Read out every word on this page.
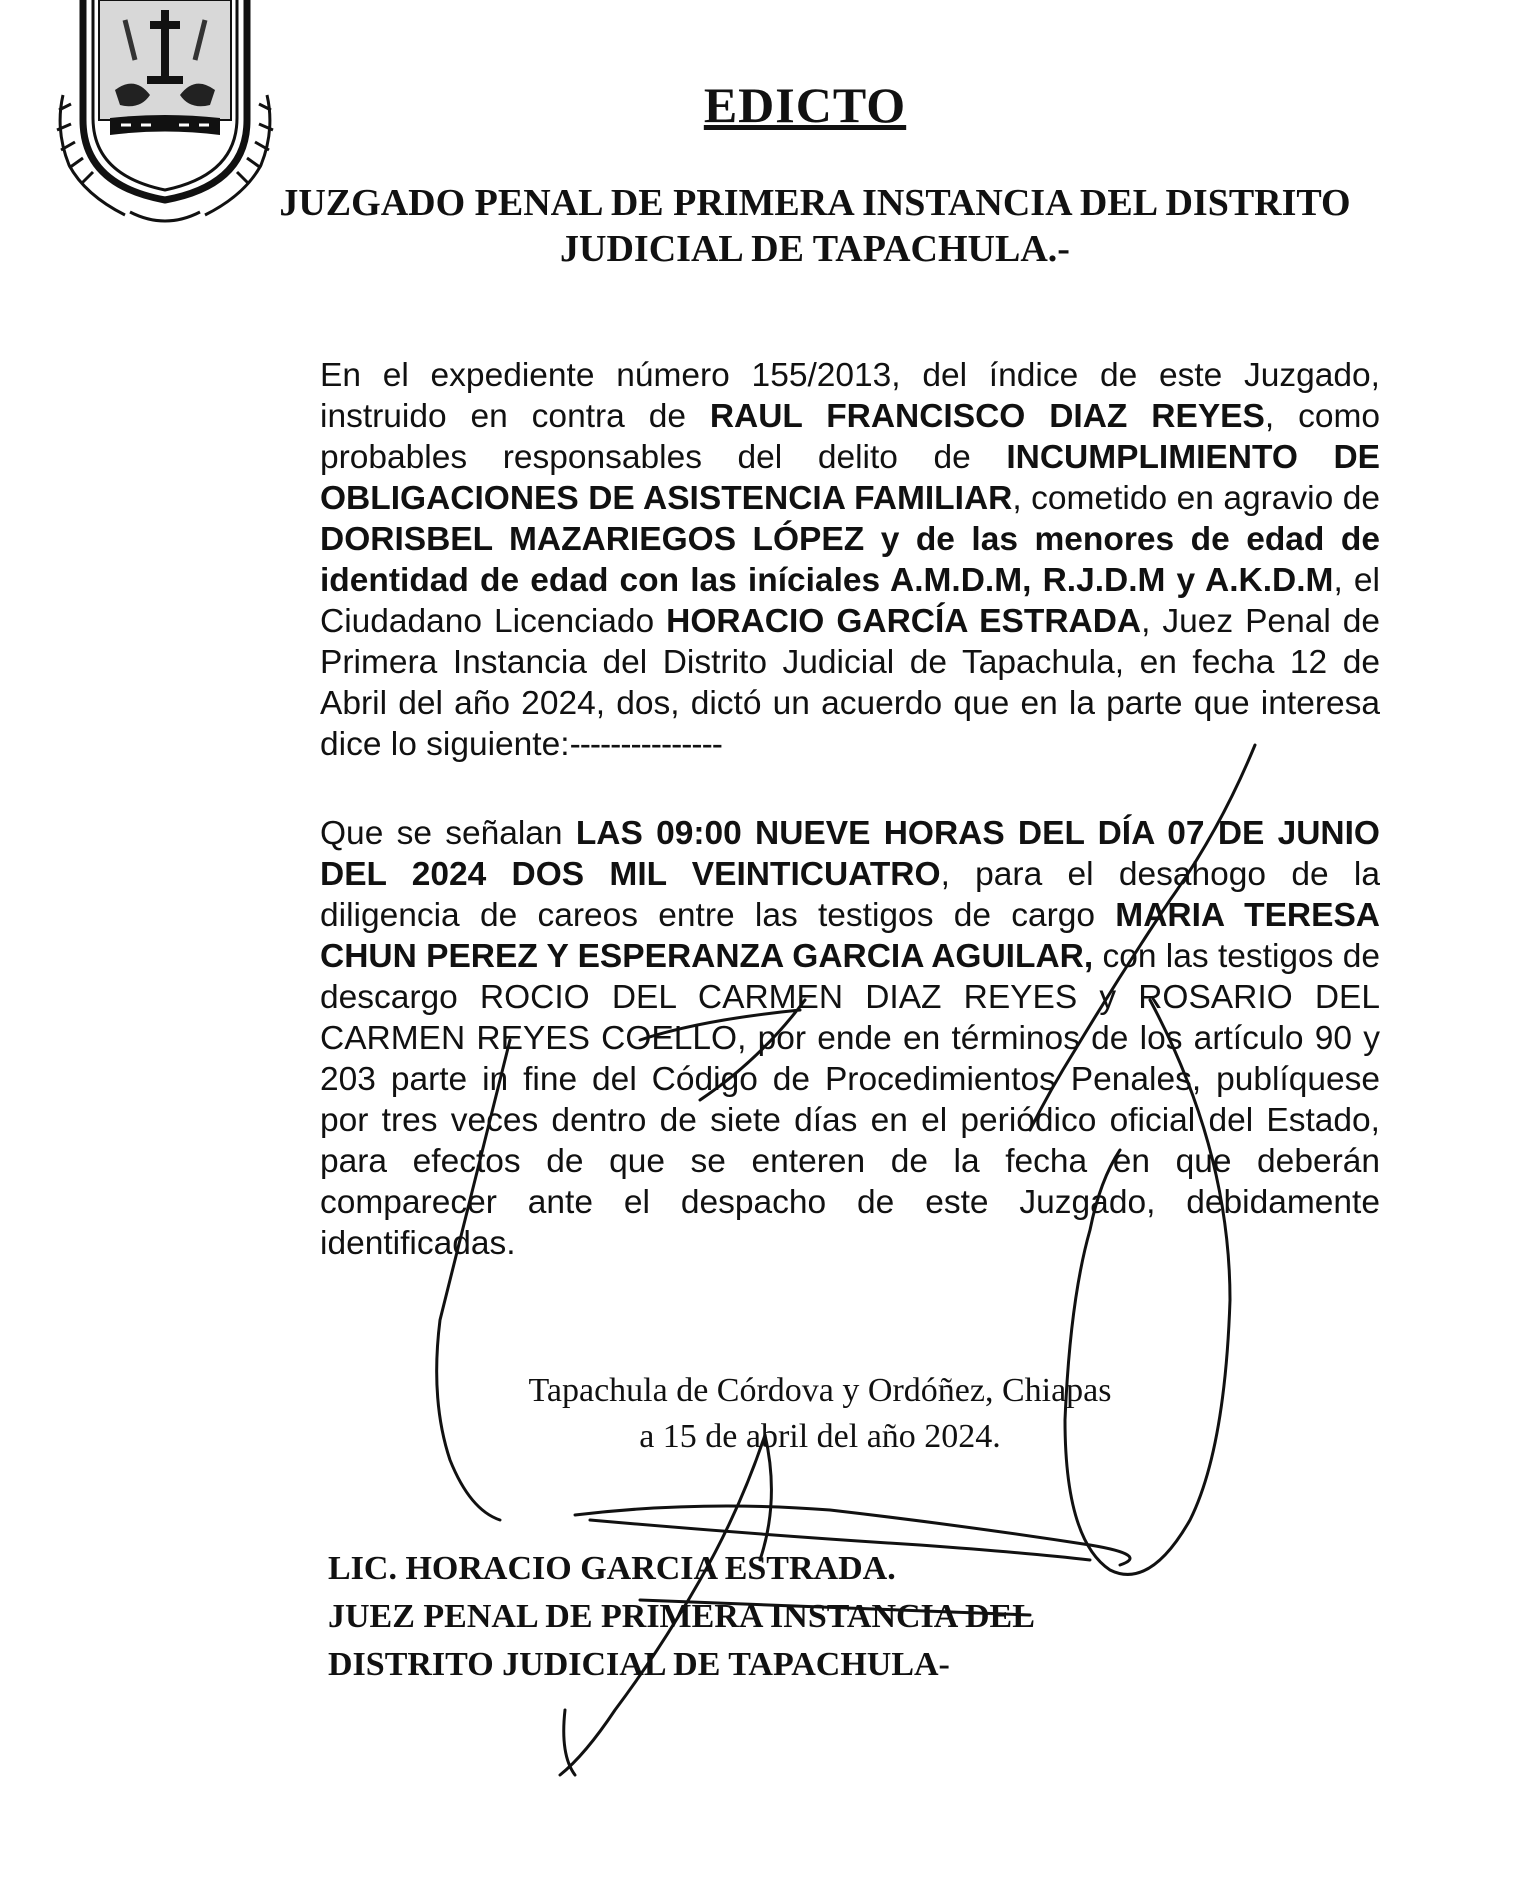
EDICTO
JUZGADO PENAL DE PRIMERA INSTANCIA DEL DISTRITO
JUDICIAL DE TAPACHULA.-

En el expediente número 155/2013, del índice de este Juzgado, instruido en contra de RAUL FRANCISCO DIAZ REYES, como probables responsables del delito de INCUMPLIMIENTO DE OBLIGACIONES DE ASISTENCIA FAMILIAR, cometido en agravio de DORISBEL MAZARIEGOS LÓPEZ y de las menores de edad de identidad de edad con las iníciales A.M.D.M, R.J.D.M y A.K.D.M, el Ciudadano Licenciado HORACIO GARCÍA ESTRADA, Juez Penal de Primera Instancia del Distrito Judicial de Tapachula, en fecha 12 de Abril del año 2024, dos, dictó un acuerdo que en la parte que interesa dice lo siguiente:---------------

Que se señalan LAS 09:00 NUEVE HORAS DEL DÍA 07 DE JUNIO DEL 2024 DOS MIL VEINTICUATRO, para el desahogo de la diligencia de careos entre las testigos de cargo MARIA TERESA CHUN PEREZ Y ESPERANZA GARCIA AGUILAR, con las testigos de descargo ROCIO DEL CARMEN DIAZ REYES y ROSARIO DEL CARMEN REYES COELLO, por ende en términos de los artículo 90 y 203 parte in fine del Código de Procedimientos Penales, publíquese por tres veces dentro de siete días en el periódico oficial del Estado, para efectos de que se enteren de la fecha en que deberán comparecer ante el despacho de este Juzgado, debidamente identificadas.

Tapachula de Córdova y Ordóñez, Chiapas
a 15 de abril del año 2024.

LIC. HORACIO GARCIA ESTRADA.
JUEZ PENAL DE PRIMERA INSTANCIA DEL
DISTRITO JUDICIAL DE TAPACHULA-
